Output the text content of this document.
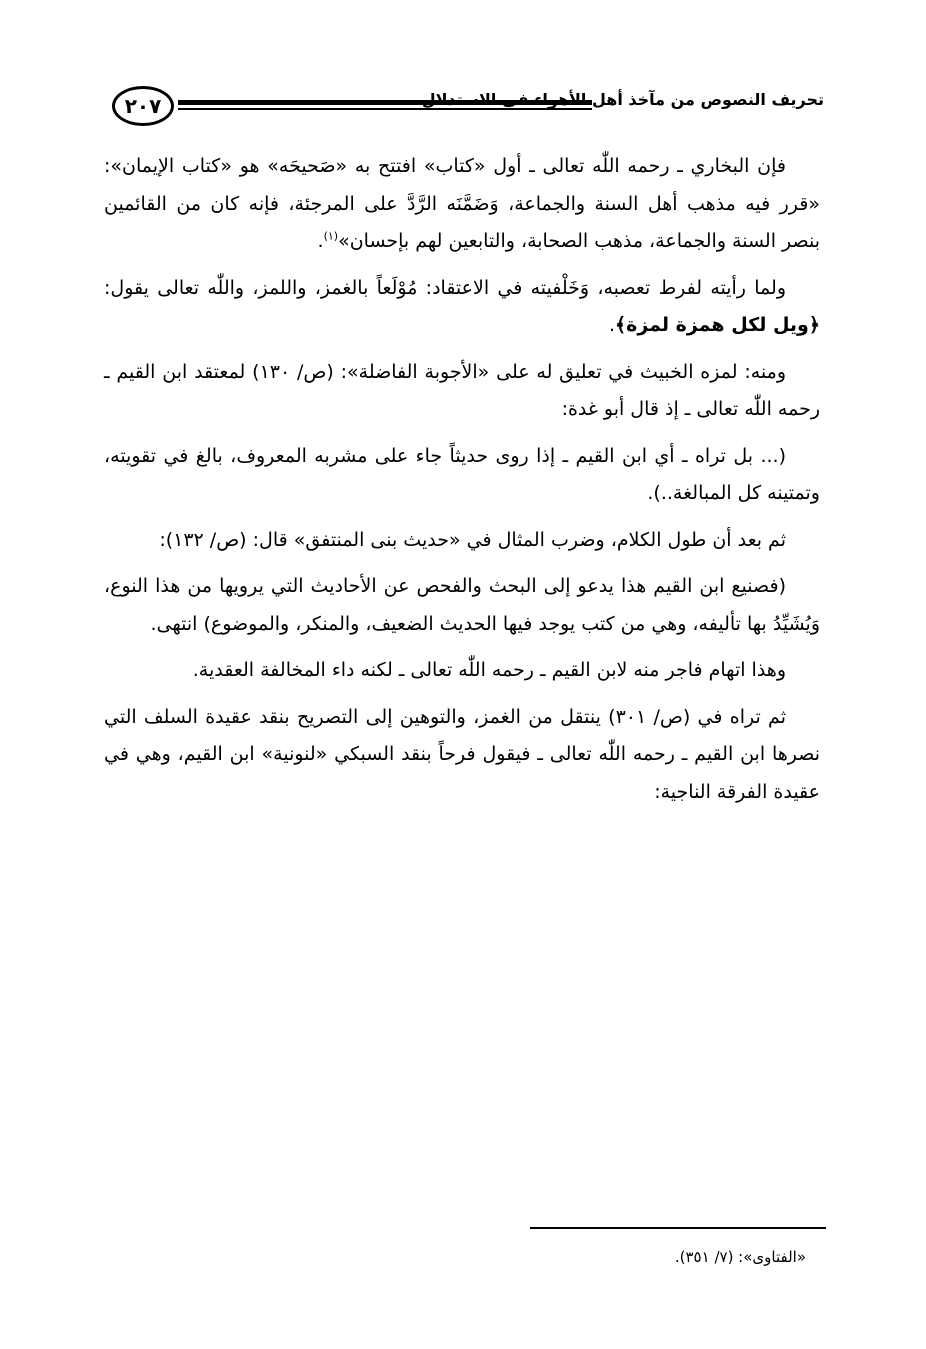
٢٠٧	تحريف النصوص من مآخذ أهل الأهواء في الاستدلال

فإن البخاري ـ رحمه اللّٰه تعالى ـ أول «كتاب» افتتح به «صَحيحَه» هو «كتاب الإيمان»: «قرر فيه مذهب أهل السنة والجماعة، وَضَمَّنَه الرَّدَّ على المرجئة، فإنه كان من القائمين بنصر السنة والجماعة، مذهب الصحابة، والتابعين لهم بإحسان»$^{(١)}$.

ولما رأيته لفرط تعصبه، وَخَلْفيته في الاعتقاد: مُوْلَعاً بالغمز، واللمز، واللّٰه تعالى يقول: ﴿ويل لكل همزة لمزة﴾.

ومنه: لمزه الخبيث في تعليق له على «الأجوبة الفاضلة»: (ص/ ١٣٠) لمعتقد ابن القيم ـ رحمه اللّٰه تعالى ـ إذ قال أبو غدة:

(... بل تراه ـ أي ابن القيم ـ إذا روى حديثاً جاء على مشربه المعروف، بالغ في تقويته، وتمتينه كل المبالغة..).

ثم بعد أن طول الكلام، وضرب المثال في «حديث بنى المنتفق» قال: (ص/ ١٣٢):

(فصنيع ابن القيم هذا يدعو إلى البحث والفحص عن الأحاديث التي يرويها من هذا النوع، وَيُشَيِّدُ بها تأليفه، وهي من كتب يوجد فيها الحديث الضعيف، والمنكر، والموضوع) انتهى.

وهذا اتهام فاجر منه لابن القيم ـ رحمه اللّٰه تعالى ـ لكنه داء المخالفة العقدية.

ثم تراه في (ص/ ٣٠١) ينتقل من الغمز، والتوهين إلى التصريح بنقد عقيدة السلف التي نصرها ابن القيم ـ رحمه اللّٰه تعالى ـ فيقول فرحاً بنقد السبكي «لنونية» ابن القيم، وهي في عقيدة الفرقة الناجية:

«الفتاوى»: (٧/ ٣٥١).
